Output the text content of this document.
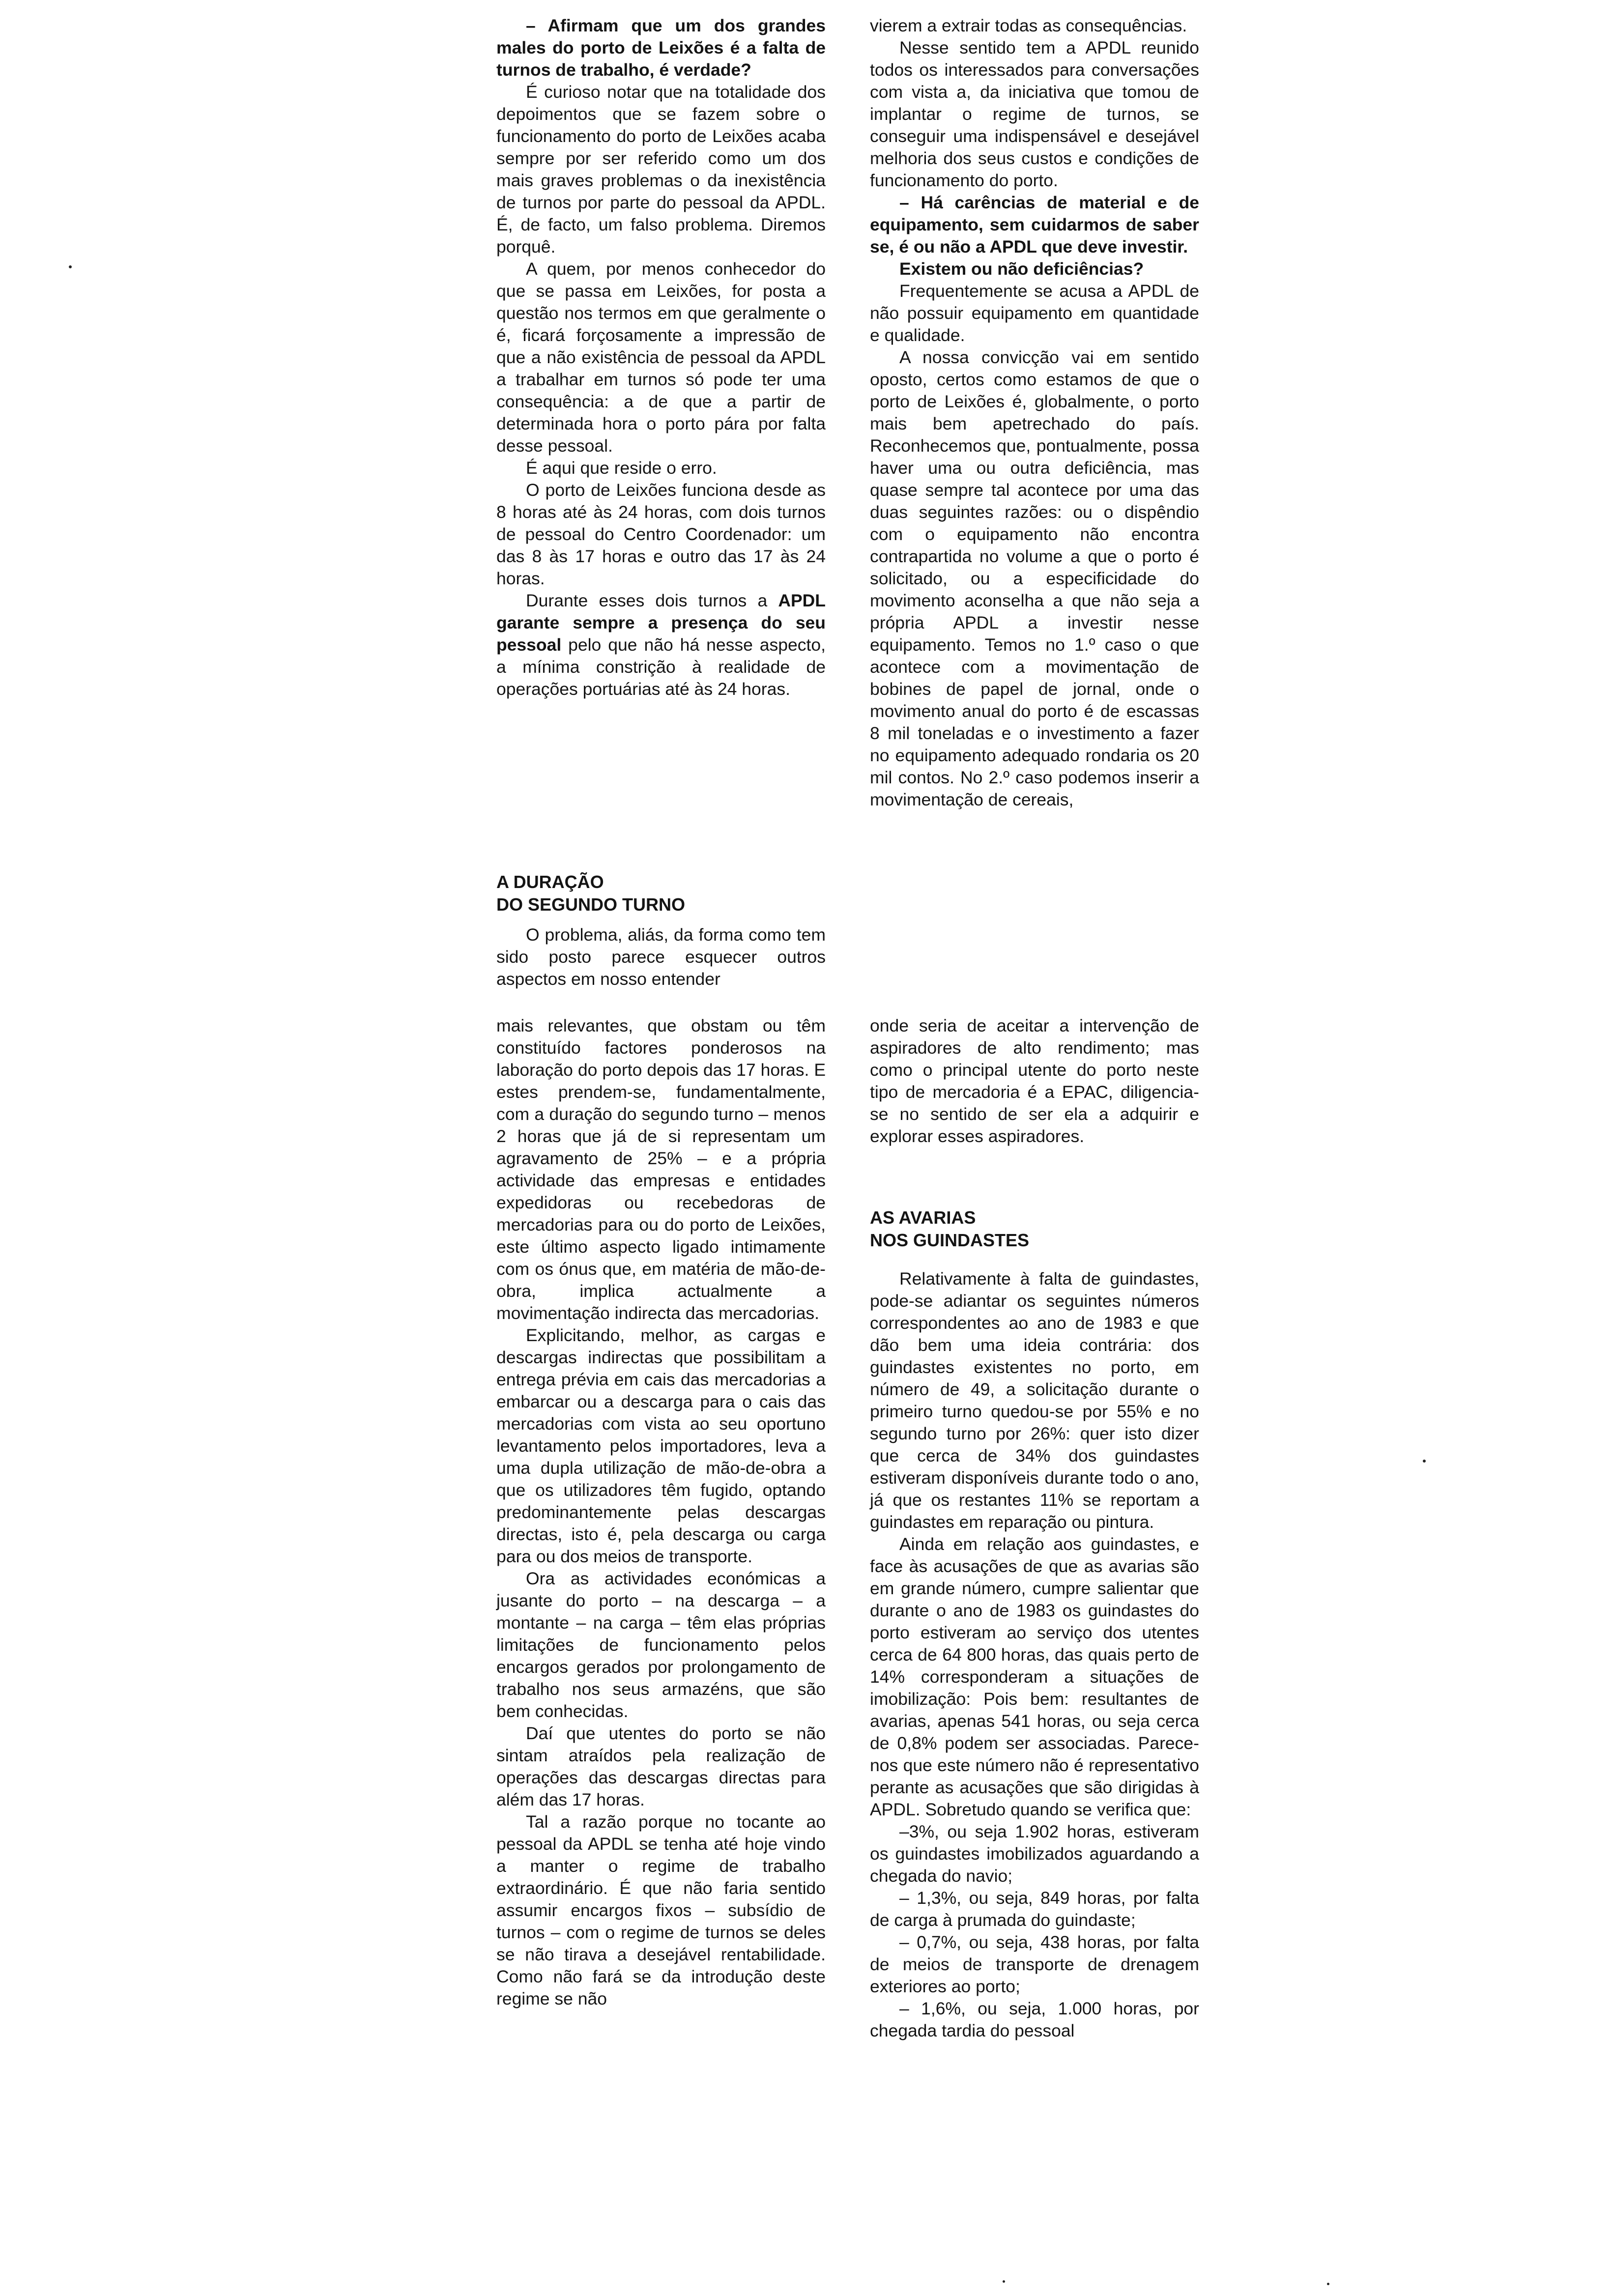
– Afirmam que um dos grandes males do porto de Leixões é a falta de turnos de trabalho, é verdade?

É curioso notar que na totalidade dos depoimentos que se fazem sobre o funcionamento do porto de Leixões acaba sempre por ser referido como um dos mais graves problemas o da inexistência de turnos por parte do pessoal da APDL. É, de facto, um falso problema. Diremos porquê.

A quem, por menos conhecedor do que se passa em Leixões, for posta a questão nos termos em que geralmente o é, ficará forçosamente a impressão de que a não existência de pessoal da APDL a trabalhar em turnos só pode ter uma consequência: a de que a partir de determinada hora o porto pára por falta desse pessoal.

É aqui que reside o erro.

O porto de Leixões funciona desde as 8 horas até às 24 horas, com dois turnos de pessoal do Centro Coordenador: um das 8 às 17 horas e outro das 17 às 24 horas.

Durante esses dois turnos a APDL garante sempre a presença do seu pessoal pelo que não há nesse aspecto, a mínima constrição à realidade de operações portuárias até às 24 horas.

A DURAÇÃO
DO SEGUNDO TURNO

O problema, aliás, da forma como tem sido posto parece esquecer outros aspectos em nosso entender

mais relevantes, que obstam ou têm constituído factores ponderosos na laboração do porto depois das 17 horas. E estes prendem-se, fundamentalmente, com a duração do segundo turno – menos 2 horas que já de si representam um agravamento de 25% – e a própria actividade das empresas e entidades expedidoras ou recebedoras de mercadorias para ou do porto de Leixões, este último aspecto ligado intimamente com os ónus que, em matéria de mão-de-obra, implica actualmente a movimentação indirecta das mercadorias.

Explicitando, melhor, as cargas e descargas indirectas que possibilitam a entrega prévia em cais das mercadorias a embarcar ou a descarga para o cais das mercadorias com vista ao seu oportuno levantamento pelos importadores, leva a uma dupla utilização de mão-de-obra a que os utilizadores têm fugido, optando predominantemente pelas descargas directas, isto é, pela descarga ou carga para ou dos meios de transporte.

Ora as actividades económicas a jusante do porto – na descarga – a montante – na carga – têm elas próprias limitações de funcionamento pelos encargos gerados por prolongamento de trabalho nos seus armazéns, que são bem conhecidas.

Daí que utentes do porto se não sintam atraídos pela realização de operações das descargas directas para além das 17 horas.

Tal a razão porque no tocante ao pessoal da APDL se tenha até hoje vindo a manter o regime de trabalho extraordinário. É que não faria sentido assumir encargos fixos – subsídio de turnos – com o regime de turnos se deles se não tirava a desejável rentabilidade. Como não fará se da introdução deste regime se não

vierem a extrair todas as consequências.

Nesse sentido tem a APDL reunido todos os interessados para conversações com vista a, da iniciativa que tomou de implantar o regime de turnos, se conseguir uma indispensável e desejável melhoria dos seus custos e condições de funcionamento do porto.

– Há carências de material e de equipamento, sem cuidarmos de saber se, é ou não a APDL que deve investir.

Existem ou não deficiências?

Frequentemente se acusa a APDL de não possuir equipamento em quantidade e qualidade.

A nossa convicção vai em sentido oposto, certos como estamos de que o porto de Leixões é, globalmente, o porto mais bem apetrechado do país. Reconhecemos que, pontualmente, possa haver uma ou outra deficiência, mas quase sempre tal acontece por uma das duas seguintes razões: ou o dispêndio com o equipamento não encontra contrapartida no volume a que o porto é solicitado, ou a especificidade do movimento aconselha a que não seja a própria APDL a investir nesse equipamento. Temos no 1.º caso o que acontece com a movimentação de bobines de papel de jornal, onde o movimento anual do porto é de escassas 8 mil toneladas e o investimento a fazer no equipamento adequado rondaria os 20 mil contos. No 2.º caso podemos inserir a movimentação de cereais,

onde seria de aceitar a intervenção de aspiradores de alto rendimento; mas como o principal utente do porto neste tipo de mercadoria é a EPAC, diligencia-se no sentido de ser ela a adquirir e explorar esses aspiradores.

AS AVARIAS
NOS GUINDASTES

Relativamente à falta de guindastes, pode-se adiantar os seguintes números correspondentes ao ano de 1983 e que dão bem uma ideia contrária: dos guindastes existentes no porto, em número de 49, a solicitação durante o primeiro turno quedou-se por 55% e no segundo turno por 26%: quer isto dizer que cerca de 34% dos guindastes estiveram disponíveis durante todo o ano, já que os restantes 11% se reportam a guindastes em reparação ou pintura.

Ainda em relação aos guindastes, e face às acusações de que as avarias são em grande número, cumpre salientar que durante o ano de 1983 os guindastes do porto estiveram ao serviço dos utentes cerca de 64 800 horas, das quais perto de 14% corresponderam a situações de imobilização: Pois bem: resultantes de avarias, apenas 541 horas, ou seja cerca de 0,8% podem ser associadas. Parece-nos que este número não é representativo perante as acusações que são dirigidas à APDL. Sobretudo quando se verifica que:

–3%, ou seja 1.902 horas, estiveram os guindastes imobilizados aguardando a chegada do navio;

– 1,3%, ou seja, 849 horas, por falta de carga à prumada do guindaste;

– 0,7%, ou seja, 438 horas, por falta de meios de transporte de drenagem exteriores ao porto;

– 1,6%, ou seja, 1.000 horas, por chegada tardia do pessoal
